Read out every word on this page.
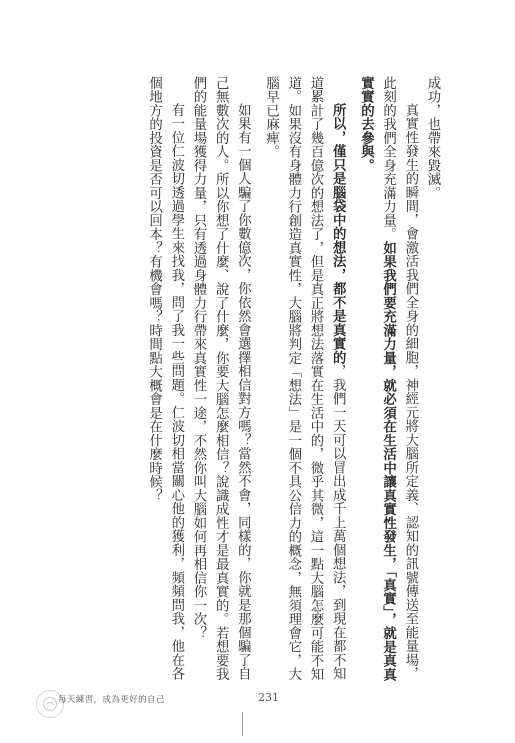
成功，也帶來毀滅。

真實性發生的瞬間，會激活我們全身的細胞，神經元將大腦所定義、認知的訊號傳送至能量場，此刻的我們全身充滿力量。如果我們要充滿力量，就必須在生活中讓真實性發生，「真實」，就是真真實實的去參與。

所以，僅只是腦袋中的想法，都不是真實的，我們一天可以冒出成千上萬個想法，到現在都不知道累計了幾百億次的想法了，但是真正將想法落實在生活中的，微乎其微，這一點大腦怎麼可能不知道。如果沒有身體力行創造真實性，大腦將判定「想法」是一個不具公信力的概念，無須理會它，大腦早已麻痺。

如果有一個人騙了你數億次，你依然會選擇相信對方嗎？當然不會，同樣的，你就是那個騙了自己無數次的人。所以你想了什麼、說了什麼，你要大腦怎麼相信？說識成性才是最真實的。若想要我們的能量場獲得力量，只有透過身體力行帶來真實性一途，不然你叫大腦如何再相信你一次？

有一位仁波切透過學生來找我，問了我一些問題。仁波切相當關心他的獲利，頻頻問我，他在各個地方的投資是否可以回本？有機會嗎？時間點大概會是在什麼時候？

每天練習，成為更好的自己	231
